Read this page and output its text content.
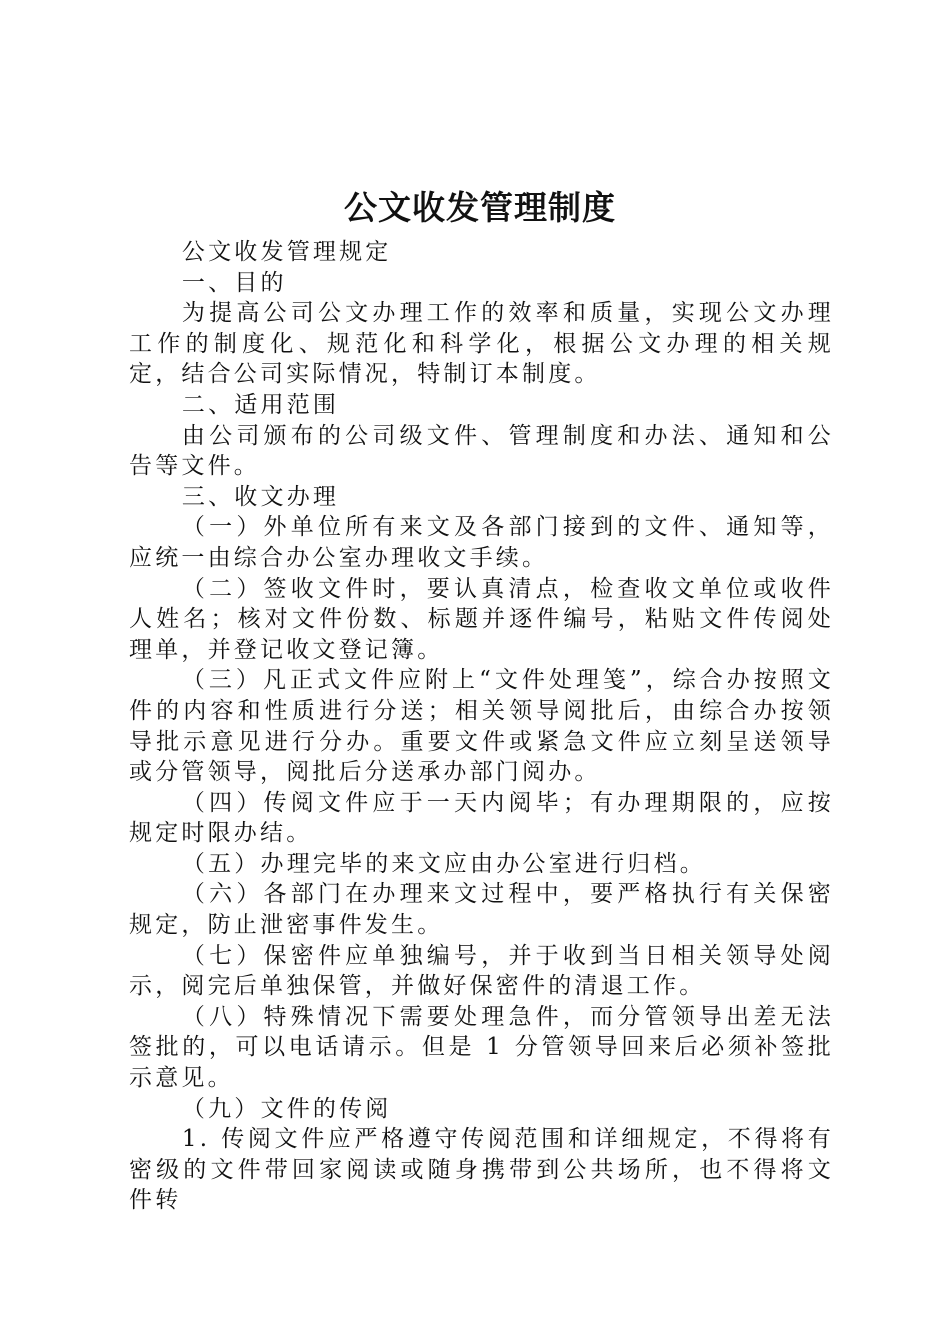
公文收发管理制度

公文收发管理规定

一、目的

为提高公司公文办理工作的效率和质量，实现公文办理工作的制度化、规范化和科学化，根据公文办理的相关规定，结合公司实际情况，特制订本制度。

二、适用范围

由公司颁布的公司级文件、管理制度和办法、通知和公告等文件。

三、收文办理

（一）外单位所有来文及各部门接到的文件、通知等，应统一由综合办公室办理收文手续。

（二）签收文件时，要认真清点，检查收文单位或收件人姓名；核对文件份数、标题并逐件编号，粘贴文件传阅处理单，并登记收文登记簿。

（三）凡正式文件应附上“文件处理笺”，综合办按照文件的内容和性质进行分送；相关领导阅批后，由综合办按领导批示意见进行分办。重要文件或紧急文件应立刻呈送领导或分管领导，阅批后分送承办部门阅办。

（四）传阅文件应于一天内阅毕；有办理期限的，应按规定时限办结。

（五）办理完毕的来文应由办公室进行归档。

（六）各部门在办理来文过程中，要严格执行有关保密规定，防止泄密事件发生。

（七）保密件应单独编号，并于收到当日相关领导处阅示，阅完后单独保管，并做好保密件的清退工作。

（八）特殊情况下需要处理急件，而分管领导出差无法签批的，可以电话请示。但是 1 分管领导回来后必须补签批示意见。

（九）文件的传阅

1. 传阅文件应严格遵守传阅范围和详细规定，不得将有密级的文件带回家阅读或随身携带到公共场所，也不得将文件转
